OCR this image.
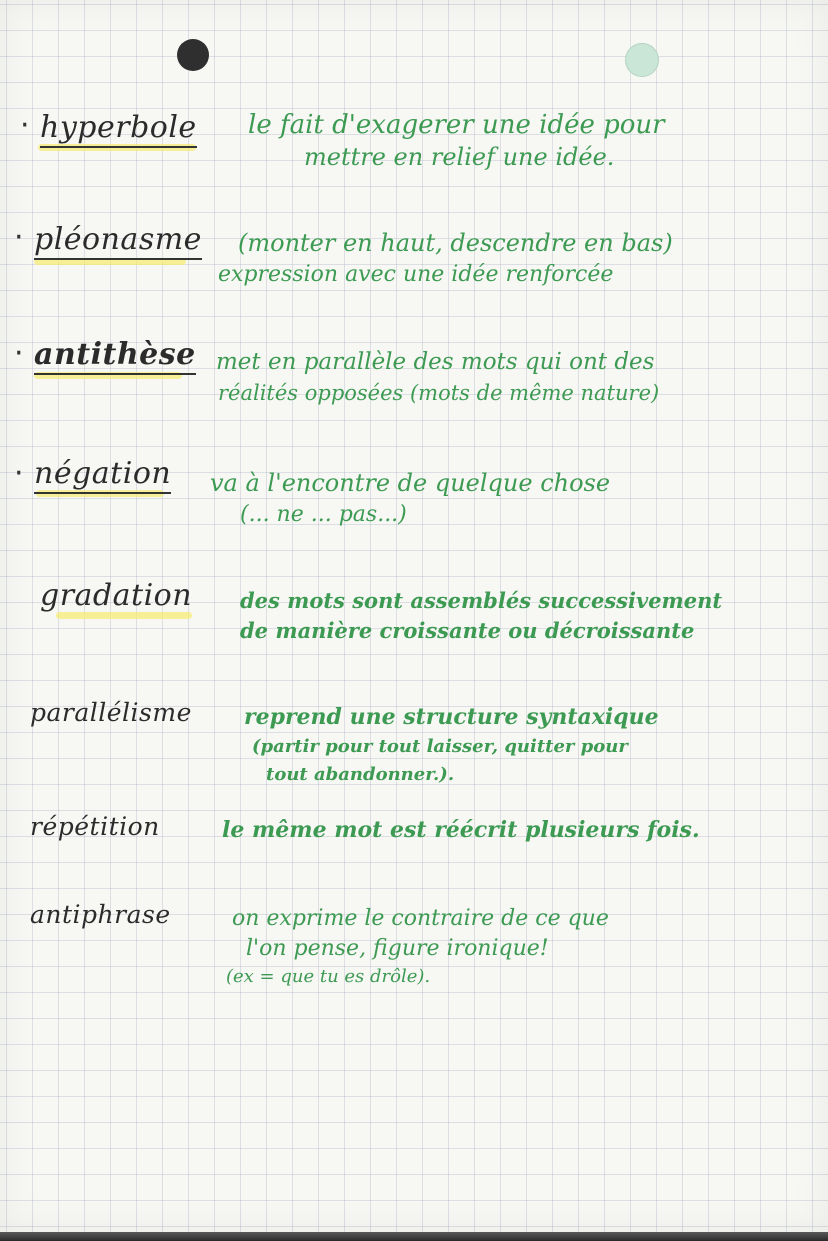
· hyperbole le fait d'exagerer une idée pour
mettre en relief une idée.
· pléonasme (monter en haut, descendre en bas)
expression avec une idée renforcée
· antithèse met en parallèle des mots qui ont des
réalités opposées (mots de même nature)
· négation va à l'encontre de quelque chose
(... ne ... pas...)
gradation des mots sont assemblés successivement
de manière croissante ou décroissante
parallélisme reprend une structure syntaxique
(partir pour tout laisser, quitter pour
tout abandonner.).
répétition	le même mot est réécrit plusieurs fois.
antiphrase	on exprime le contraire de ce que
l'on pense, figure ironique!
(ex = que tu es drôle).
